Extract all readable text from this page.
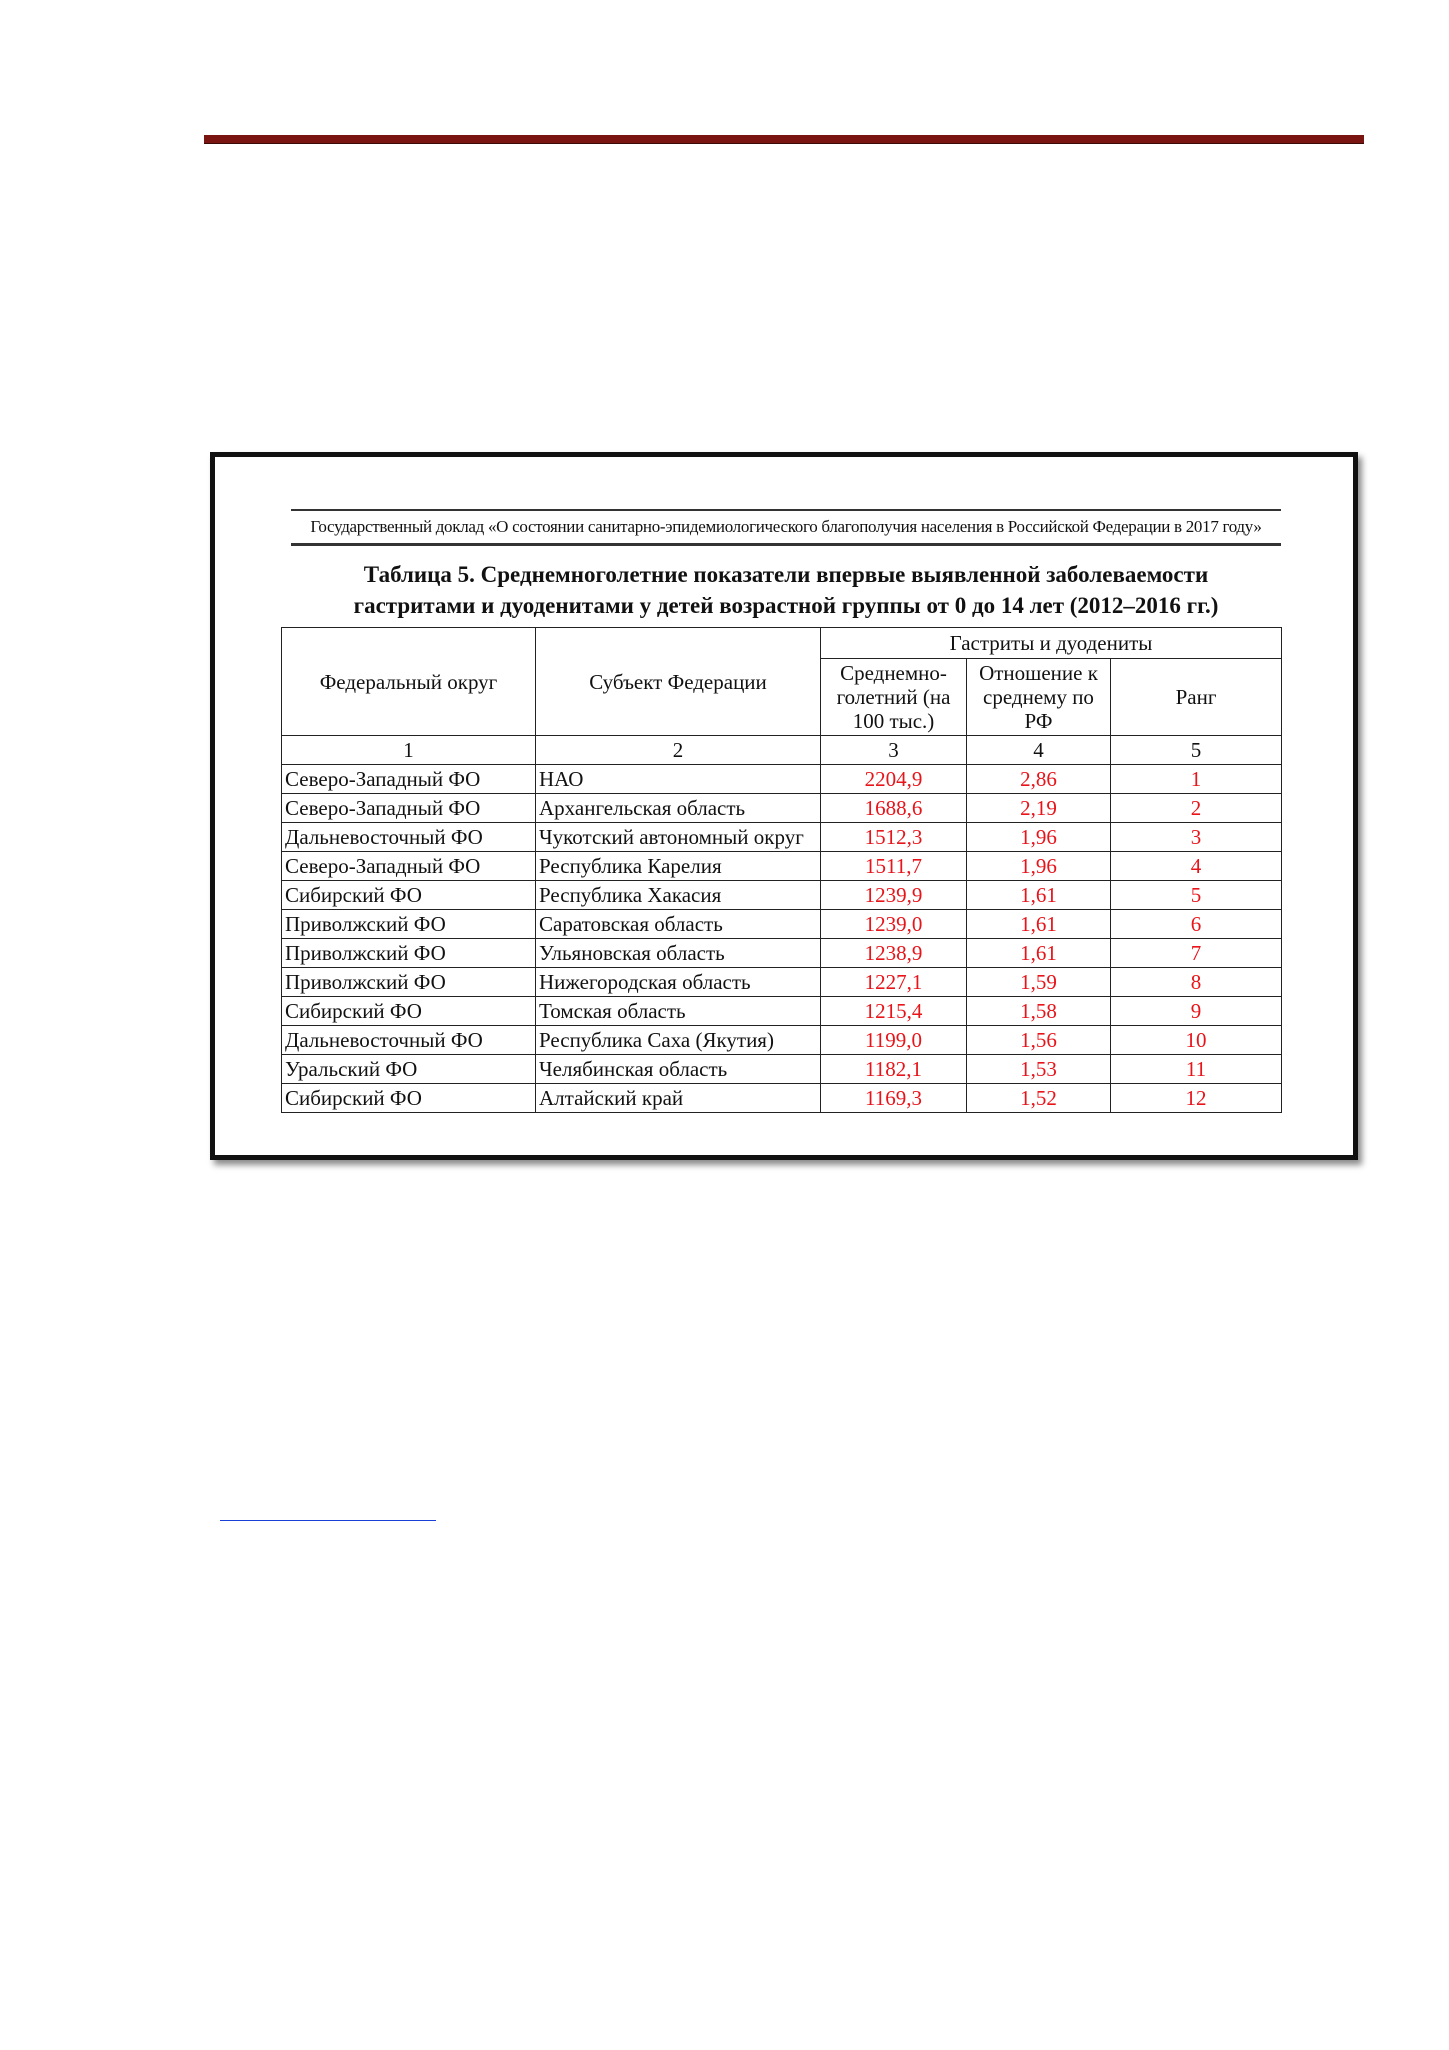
Государственный доклад «О состоянии санитарно-эпидемиологического благополучия населения в Российской Федерации в 2017 году»
Таблица 5. Среднемноголетние показатели впервые выявленной заболеваемости
гастритами и дуоденитами у детей возрастной группы от 0 до 14 лет (2012–2016 гг.)
Федеральный округ	Субъект Федерации	Гастриты и дуодениты		
		Среднемно-голетний (на 100 тыс.)	Отношение к среднему по РФ	Ранг
1	2	3	4	5
Северо-Западный ФО	НАО	2204,9	2,86	1
Северо-Западный ФО	Архангельская область	1688,6	2,19	2
Дальневосточный ФО	Чукотский автономный округ	1512,3	1,96	3
Северо-Западный ФО	Республика Карелия	1511,7	1,96	4
Сибирский ФО	Республика Хакасия	1239,9	1,61	5
Приволжский ФО	Саратовская область	1239,0	1,61	6
Приволжский ФО	Ульяновская область	1238,9	1,61	7
Приволжский ФО	Нижегородская область	1227,1	1,59	8
Сибирский ФО	Томская область	1215,4	1,58	9
Дальневосточный ФО	Республика Саха (Якутия)	1199,0	1,56	10
Уральский ФО	Челябинская область	1182,1	1,53	11
Сибирский ФО	Алтайский край	1169,3	1,52	12
